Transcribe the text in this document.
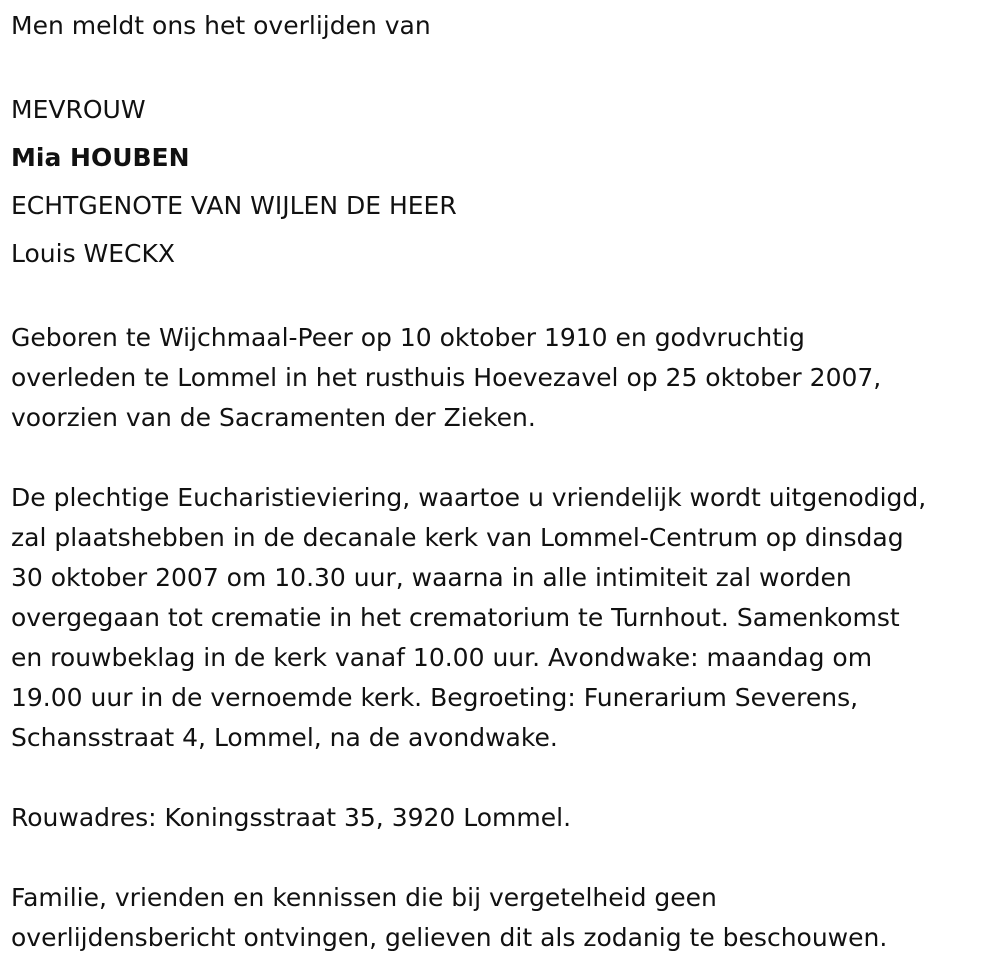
Men meldt ons het overlijden van
MEVROUW
Mia HOUBEN
ECHTGENOTE VAN WIJLEN DE HEER
Louis WECKX
Geboren te Wijchmaal-Peer op 10 oktober 1910 en godvruchtig
overleden te Lommel in het rusthuis Hoevezavel op 25 oktober 2007,
voorzien van de Sacramenten der Zieken.
De plechtige Eucharistieviering, waartoe u vriendelijk wordt uitgenodigd,
zal plaatshebben in de decanale kerk van Lommel-Centrum op dinsdag
30 oktober 2007 om 10.30 uur, waarna in alle intimiteit zal worden
overgegaan tot crematie in het crematorium te Turnhout. Samenkomst
en rouwbeklag in de kerk vanaf 10.00 uur. Avondwake: maandag om
19.00 uur in de vernoemde kerk. Begroeting: Funerarium Severens,
Schansstraat 4, Lommel, na de avondwake.
Rouwadres: Koningsstraat 35, 3920 Lommel.
Familie, vrienden en kennissen die bij vergetelheid geen
overlijdensbericht ontvingen, gelieven dit als zodanig te beschouwen.
